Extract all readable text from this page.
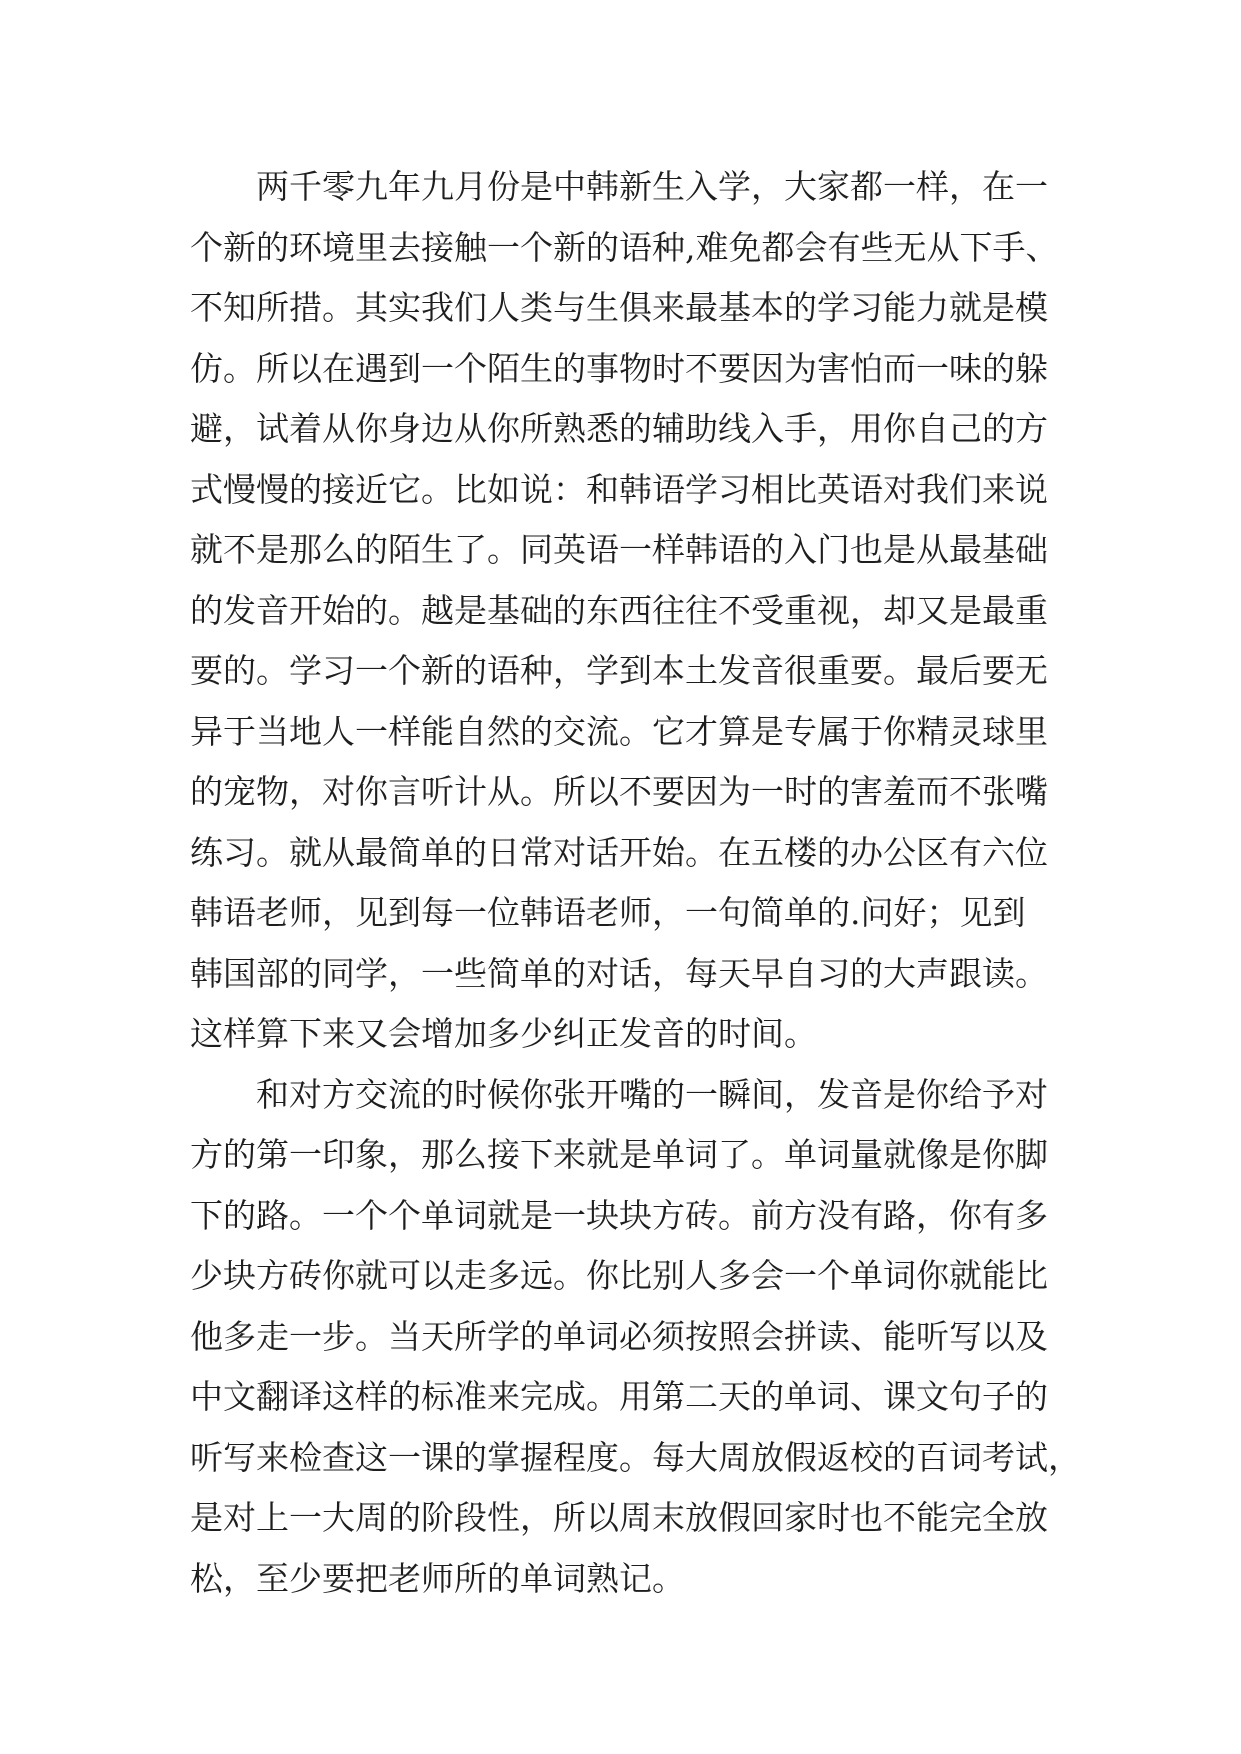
两千零九年九月份是中韩新生入学，大家都一样，在一
个新的环境里去接触一个新的语种,难免都会有些无从下手、
不知所措。其实我们人类与生俱来最基本的学习能力就是模
仿。所以在遇到一个陌生的事物时不要因为害怕而一味的躲
避，试着从你身边从你所熟悉的辅助线入手，用你自己的方
式慢慢的接近它。比如说：和韩语学习相比英语对我们来说
就不是那么的陌生了。同英语一样韩语的入门也是从最基础
的发音开始的。越是基础的东西往往不受重视，却又是最重
要的。学习一个新的语种，学到本土发音很重要。最后要无
异于当地人一样能自然的交流。它才算是专属于你精灵球里
的宠物，对你言听计从。所以不要因为一时的害羞而不张嘴
练习。就从最简单的日常对话开始。在五楼的办公区有六位
韩语老师，见到每一位韩语老师，一句简单的.问好；见到
韩国部的同学，一些简单的对话，每天早自习的大声跟读。
这样算下来又会增加多少纠正发音的时间。
和对方交流的时候你张开嘴的一瞬间，发音是你给予对
方的第一印象，那么接下来就是单词了。单词量就像是你脚
下的路。一个个单词就是一块块方砖。前方没有路，你有多
少块方砖你就可以走多远。你比别人多会一个单词你就能比
他多走一步。当天所学的单词必须按照会拼读、能听写以及
中文翻译这样的标准来完成。用第二天的单词、课文句子的
听写来检查这一课的掌握程度。每大周放假返校的百词考试，
是对上一大周的阶段性，所以周末放假回家时也不能完全放
松，至少要把老师所的单词熟记。
